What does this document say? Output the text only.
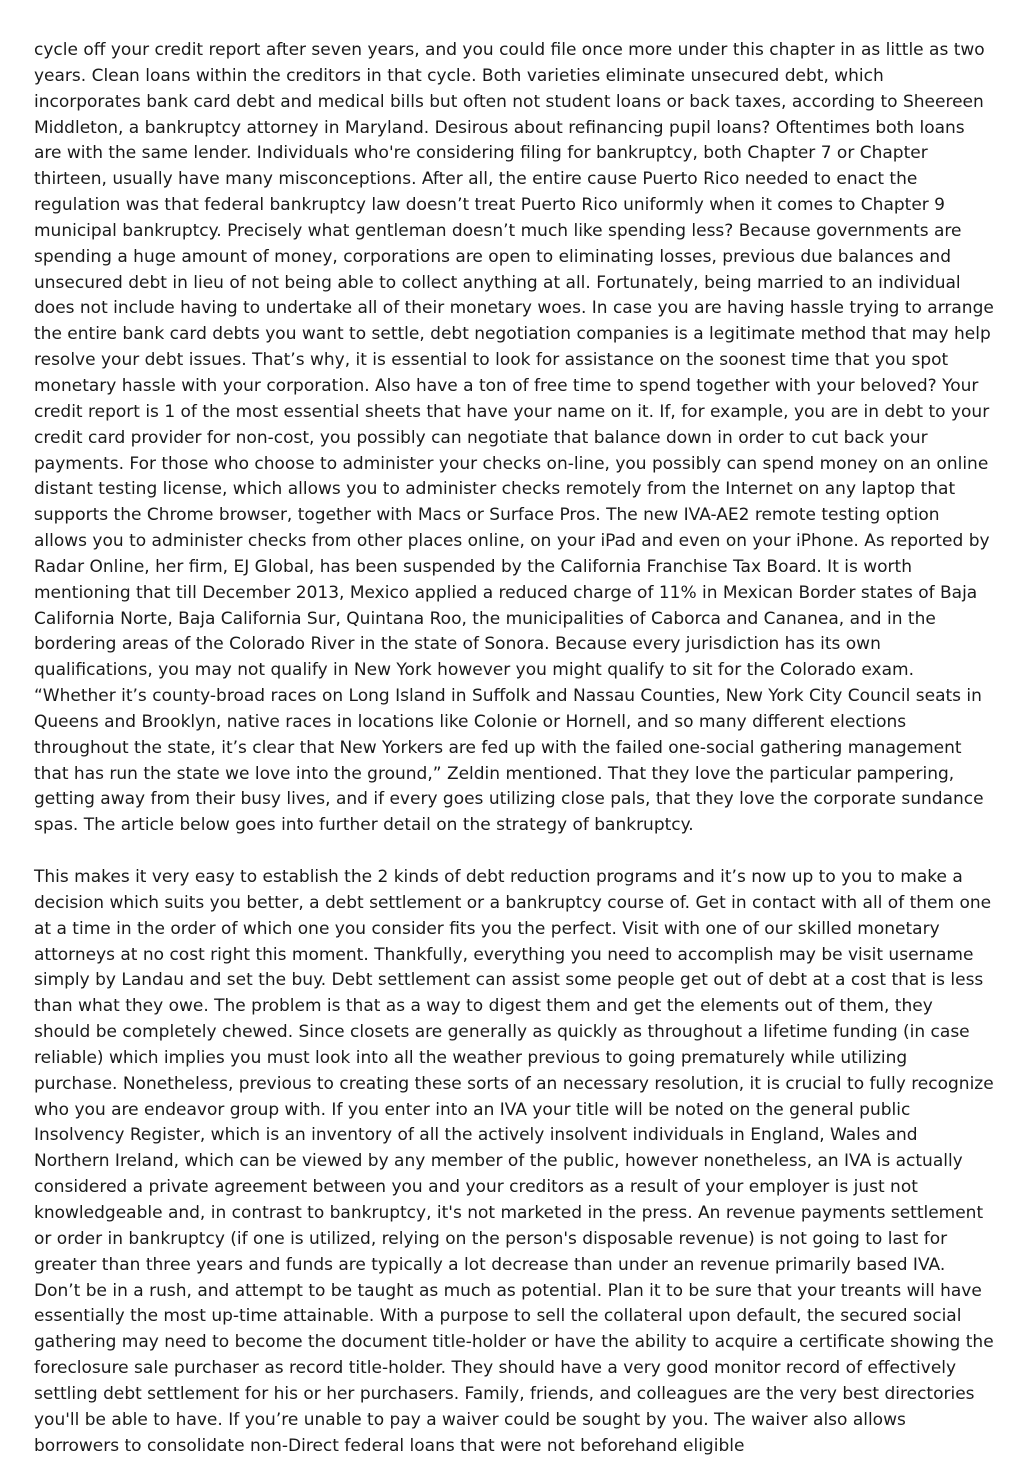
cycle off your credit report after seven years, and you could file once more under this chapter in as little as two years. Clean loans within the creditors in that cycle. Both varieties eliminate unsecured debt, which incorporates bank card debt and medical bills but often not student loans or back taxes, according to Sheereen Middleton, a bankruptcy attorney in Maryland. Desirous about refinancing pupil loans? Oftentimes both loans are with the same lender. Individuals who're considering filing for bankruptcy, both Chapter 7 or Chapter thirteen, usually have many misconceptions. After all, the entire cause Puerto Rico needed to enact the regulation was that federal bankruptcy law doesn’t treat Puerto Rico uniformly when it comes to Chapter 9 municipal bankruptcy. Precisely what gentleman doesn’t much like spending less? Because governments are spending a huge amount of money, corporations are open to eliminating losses, previous due balances and unsecured debt in lieu of not being able to collect anything at all. Fortunately, being married to an individual does not include having to undertake all of their monetary woes. In case you are having hassle trying to arrange the entire bank card debts you want to settle, debt negotiation companies is a legitimate method that may help resolve your debt issues. That’s why, it is essential to look for assistance on the soonest time that you spot monetary hassle with your corporation. Also have a ton of free time to spend together with your beloved? Your credit report is 1 of the most essential sheets that have your name on it. If, for example, you are in debt to your credit card provider for non-cost, you possibly can negotiate that balance down in order to cut back your payments. For those who choose to administer your checks on-line, you possibly can spend money on an online distant testing license, which allows you to administer checks remotely from the Internet on any laptop that supports the Chrome browser, together with Macs or Surface Pros. The new IVA-AE2 remote testing option allows you to administer checks from other places online, on your iPad and even on your iPhone. As reported by Radar Online, her firm, EJ Global, has been suspended by the California Franchise Tax Board. It is worth mentioning that till December 2013, Mexico applied a reduced charge of 11% in Mexican Border states of Baja California Norte, Baja California Sur, Quintana Roo, the municipalities of Caborca and Cananea, and in the bordering areas of the Colorado River in the state of Sonora. Because every jurisdiction has its own qualifications, you may not qualify in New York however you might qualify to sit for the Colorado exam. “Whether it’s county-broad races on Long Island in Suffolk and Nassau Counties, New York City Council seats in Queens and Brooklyn, native races in locations like Colonie or Hornell, and so many different elections throughout the state, it’s clear that New Yorkers are fed up with the failed one-social gathering management that has run the state we love into the ground,” Zeldin mentioned. That they love the particular pampering, getting away from their busy lives, and if every goes utilizing close pals, that they love the corporate sundance spas. The article below goes into further detail on the strategy of bankruptcy.

This makes it very easy to establish the 2 kinds of debt reduction programs and it’s now up to you to make a decision which suits you better, a debt settlement or a bankruptcy course of. Get in contact with all of them one at a time in the order of which one you consider fits you the perfect. Visit with one of our skilled monetary attorneys at no cost right this moment. Thankfully, everything you need to accomplish may be visit username simply by Landau and set the buy. Debt settlement can assist some people get out of debt at a cost that is less than what they owe. The problem is that as a way to digest them and get the elements out of them, they should be completely chewed. Since closets are generally as quickly as throughout a lifetime funding (in case reliable) which implies you must look into all the weather previous to going prematurely while utilizing purchase. Nonetheless, previous to creating these sorts of an necessary resolution, it is crucial to fully recognize who you are endeavor group with. If you enter into an IVA your title will be noted on the general public Insolvency Register, which is an inventory of all the actively insolvent individuals in England, Wales and Northern Ireland, which can be viewed by any member of the public, however nonetheless, an IVA is actually considered a private agreement between you and your creditors as a result of your employer is just not knowledgeable and, in contrast to bankruptcy, it's not marketed in the press. An revenue payments settlement or order in bankruptcy (if one is utilized, relying on the person's disposable revenue) is not going to last for greater than three years and funds are typically a lot decrease than under an revenue primarily based IVA. Don’t be in a rush, and attempt to be taught as much as potential. Plan it to be sure that your treants will have essentially the most up-time attainable. With a purpose to sell the collateral upon default, the secured social gathering may need to become the document title-holder or have the ability to acquire a certificate showing the foreclosure sale purchaser as record title-holder. They should have a very good monitor record of effectively settling debt settlement for his or her purchasers. Family, friends, and colleagues are the very best directories you'll be able to have. If you’re unable to pay a waiver could be sought by you. The waiver also allows borrowers to consolidate non-Direct federal loans that were not beforehand eligible
